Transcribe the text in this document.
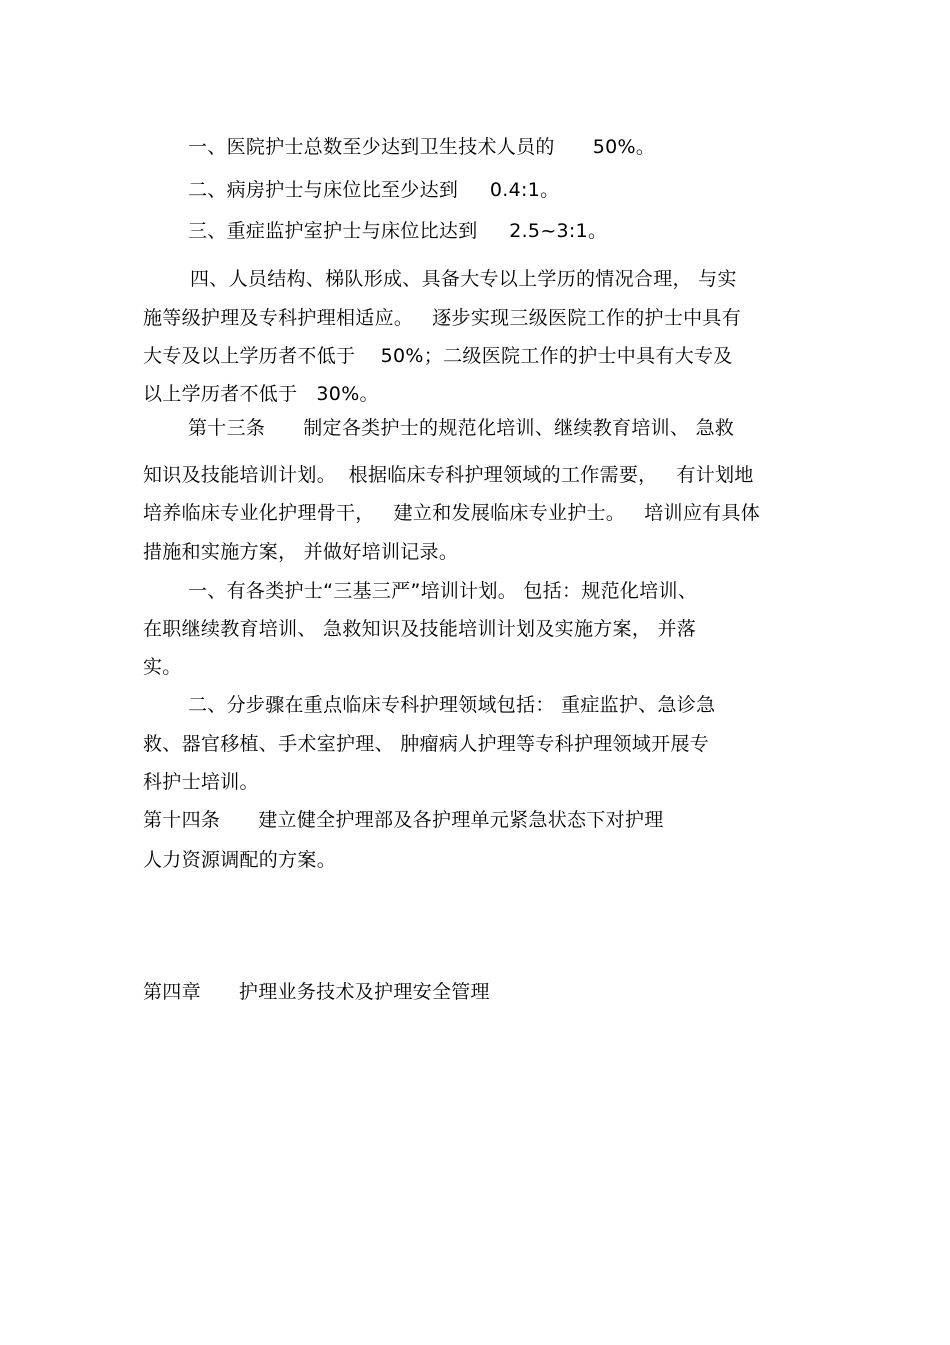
一、医院护士总数至少达到卫生技术人员的      50%。
二、病房护士与床位比至少达到     0.4:1。
三、重症监护室护士与床位比达到     2.5~3:1。
四、人员结构、梯队形成、具备大专以上学历的情况合理， 与实
施等级护理及专科护理相适应。   逐步实现三级医院工作的护士中具有
大专及以上学历者不低于    50%；二级医院工作的护士中具有大专及
以上学历者不低于   30%。
第十三条      制定各类护士的规范化培训、继续教育培训、 急救
知识及技能培训计划。  根据临床专科护理领域的工作需要，   有计划地
培养临床专业化护理骨干，   建立和发展临床专业护士。   培训应有具体
措施和实施方案， 并做好培训记录。
一、有各类护士“三基三严”培训计划。 包括：规范化培训、
在职继续教育培训、 急救知识及技能培训计划及实施方案， 并落
实。
二、分步骤在重点临床专科护理领域包括： 重症监护、急诊急
救、器官移植、手术室护理、 肿瘤病人护理等专科护理领域开展专
科护士培训。
第十四条      建立健全护理部及各护理单元紧急状态下对护理
人力资源调配的方案。
第四章      护理业务技术及护理安全管理
